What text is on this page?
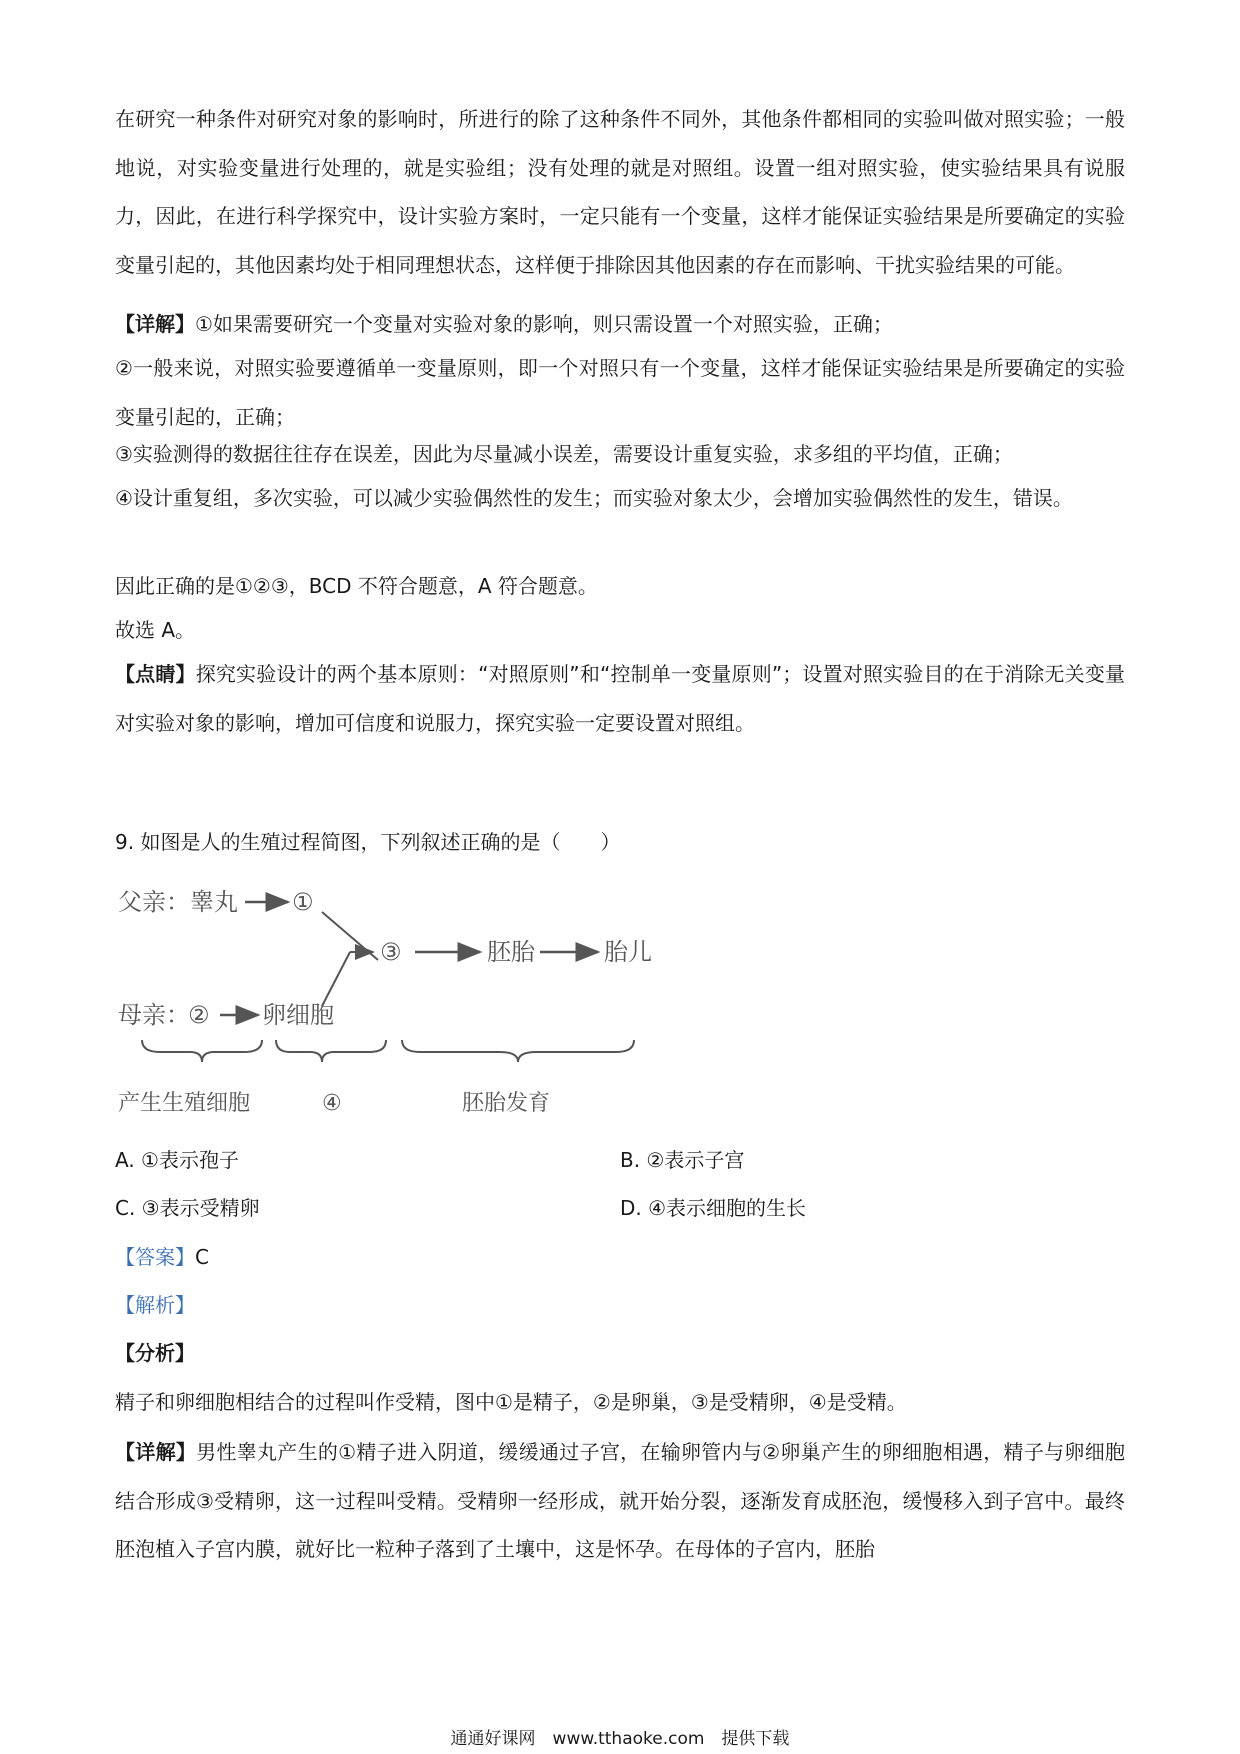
在研究一种条件对研究对象的影响时，所进行的除了这种条件不同外，其他条件都相同的实验叫做对照实验；一般地说，对实验变量进行处理的，就是实验组；没有处理的就是对照组。设置一组对照实验，使实验结果具有说服力，因此，在进行科学探究中，设计实验方案时，一定只能有一个变量，这样才能保证实验结果是所要确定的实验变量引起的，其他因素均处于相同理想状态，这样便于排除因其他因素的存在而影响、干扰实验结果的可能。

【详解】①如果需要研究一个变量对实验对象的影响，则只需设置一个对照实验，正确；

②一般来说，对照实验要遵循单一变量原则，即一个对照只有一个变量，这样才能保证实验结果是所要确定的实验变量引起的，正确；

③实验测得的数据往往存在误差，因此为尽量减小误差，需要设计重复实验，求多组的平均值，正确；

④设计重复组，多次实验，可以减少实验偶然性的发生；而实验对象太少，会增加实验偶然性的发生，错误。

因此正确的是①②③，BCD 不符合题意，A 符合题意。

故选 A。

【点睛】探究实验设计的两个基本原则：“对照原则”和“控制单一变量原则”；设置对照实验目的在于消除无关变量对实验对象的影响，增加可信度和说服力，探究实验一定要设置对照组。

9. 如图是人的生殖过程简图，下列叙述正确的是（　　）

父亲：睾丸 ①
母亲：
② 卵细胞
③	胚胎	胎儿
产生生殖细胞	④	胚胎发育
A. ①表示孢子	B. ②表示子宫
C. ③表示受精卵	D. ④表示细胞的生长

【答案】C

【解析】

【分析】

精子和卵细胞相结合的过程叫作受精，图中①是精子，②是卵巢，③是受精卵，④是受精。

【详解】男性睾丸产生的①精子进入阴道，缓缓通过子宫，在输卵管内与②卵巢产生的卵细胞相遇，精子与卵细胞结合形成③受精卵，这一过程叫受精。受精卵一经形成，就开始分裂，逐渐发育成胚泡，缓慢移入到子宫中。最终胚泡植入子宫内膜，就好比一粒种子落到了土壤中，这是怀孕。在母体的子宫内，胚胎

通通好课网　www.tthaoke.com　提供下载
